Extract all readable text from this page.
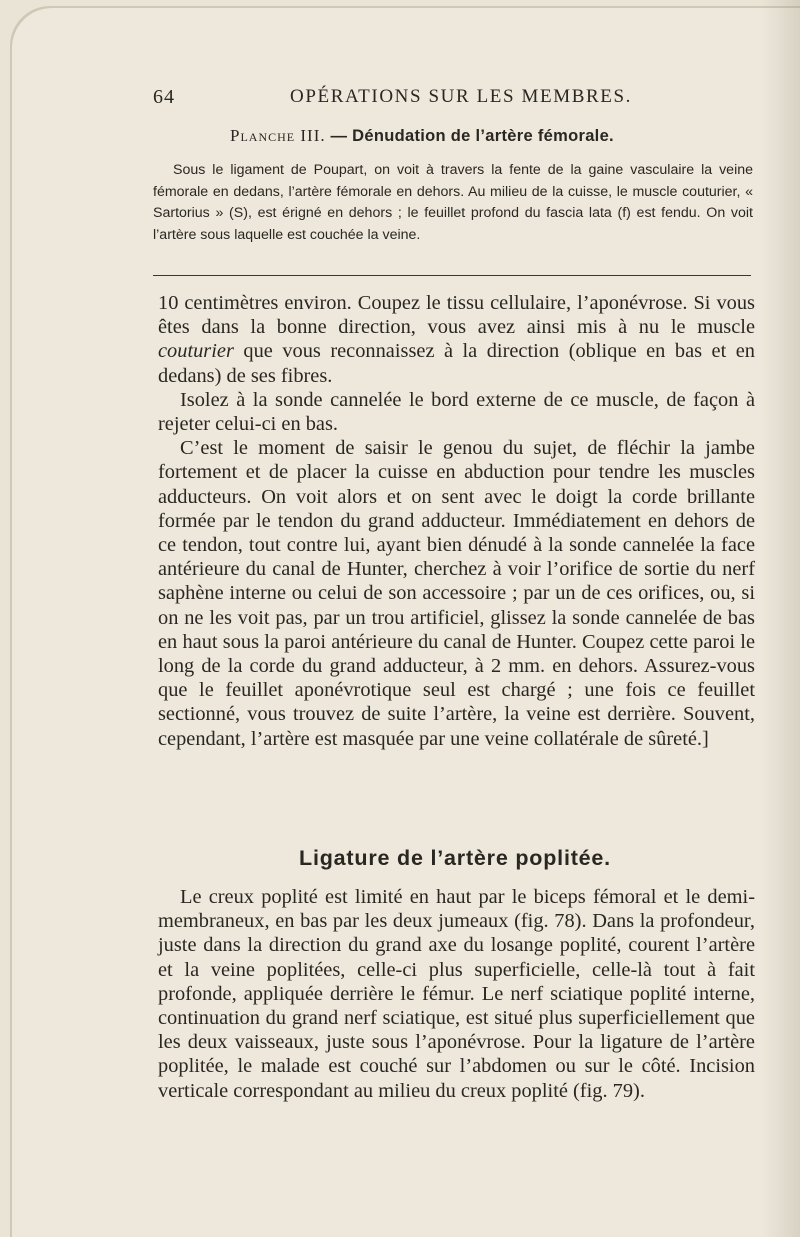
64	OPÉRATIONS SUR LES MEMBRES.
Planche III. — Dénudation de l’artère fémorale.

Sous le ligament de Poupart, on voit à travers la fente de la gaine vasculaire la veine fémorale en dedans, l’artère fémorale en dehors. Au milieu de la cuisse, le muscle couturier, « Sartorius » (S), est érigné en dehors ; le feuillet profond du fascia lata (f) est fendu. On voit l’artère sous laquelle est couchée la veine.

10 centimètres environ. Coupez le tissu cellulaire, l’aponévrose. Si vous êtes dans la bonne direction, vous avez ainsi mis à nu le muscle couturier que vous reconnaissez à la direction (oblique en bas et en dedans) de ses fibres.

Isolez à la sonde cannelée le bord externe de ce muscle, de façon à rejeter celui-ci en bas.

C’est le moment de saisir le genou du sujet, de fléchir la jambe fortement et de placer la cuisse en abduction pour tendre les muscles adducteurs. On voit alors et on sent avec le doigt la corde brillante formée par le tendon du grand adducteur. Immédiatement en dehors de ce tendon, tout contre lui, ayant bien dénudé à la sonde cannelée la face antérieure du canal de Hunter, cherchez à voir l’orifice de sortie du nerf saphène interne ou celui de son accessoire ; par un de ces orifices, ou, si on ne les voit pas, par un trou artificiel, glissez la sonde cannelée de bas en haut sous la paroi antérieure du canal de Hunter. Coupez cette paroi le long de la corde du grand adducteur, à 2 mm. en dehors. Assurez-vous que le feuillet aponévrotique seul est chargé ; une fois ce feuillet sectionné, vous trouvez de suite l’artère, la veine est derrière. Souvent, cependant, l’artère est masquée par une veine collatérale de sûreté.]

Ligature de l’artère poplitée.

Le creux poplité est limité en haut par le biceps fémoral et le demi-membraneux, en bas par les deux jumeaux (fig. 78). Dans la profondeur, juste dans la direction du grand axe du losange poplité, courent l’artère et la veine poplitées, celle-ci plus superficielle, celle-là tout à fait profonde, appliquée derrière le fémur. Le nerf sciatique poplité interne, continuation du grand nerf sciatique, est situé plus superficiellement que les deux vaisseaux, juste sous l’aponévrose. Pour la ligature de l’artère poplitée, le malade est couché sur l’abdomen ou sur le côté. Incision verticale correspondant au milieu du creux poplité (fig. 79).
